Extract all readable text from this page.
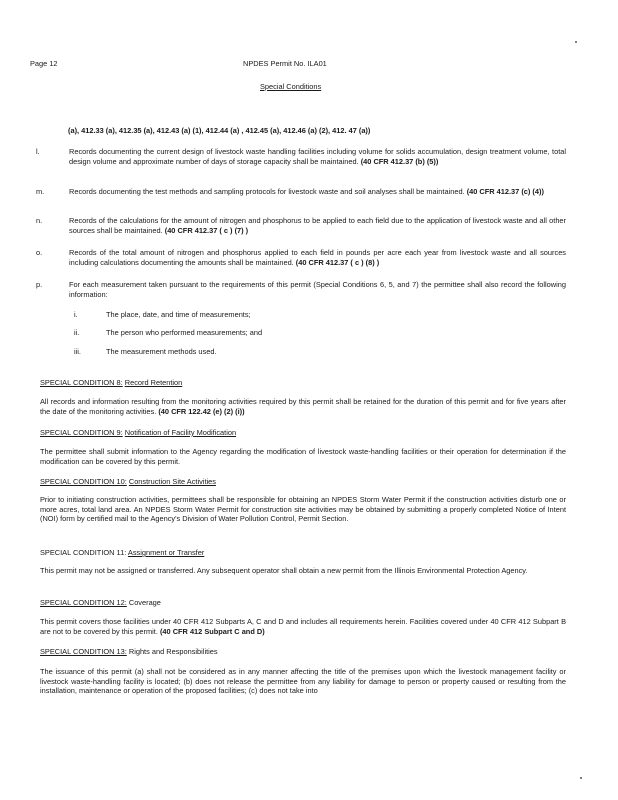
Page 12	NPDES Permit No. ILA01
Special Conditions
(a), 412.33 (a), 412.35 (a), 412.43 (a) (1), 412.44 (a) , 412.45 (a), 412.46 (a) (2), 412. 47 (a))
l.	Records documenting the current design of livestock waste handling facilities including volume for solids accumulation, design treatment volume, total design volume and approximate number of days of storage capacity shall be maintained. (40 CFR 412.37 (b) (5))
m.	Records documenting the test methods and sampling protocols for livestock waste and soil analyses shall be maintained. (40 CFR 412.37 (c) (4))
n.	Records of the calculations for the amount of nitrogen and phosphorus to be applied to each field due to the application of livestock waste and all other sources shall be maintained. (40 CFR 412.37 ( c ) (7) )
o.	Records of the total amount of nitrogen and phosphorus applied to each field in pounds per acre each year from livestock waste and all sources including calculations documenting the amounts shall be maintained. (40 CFR 412.37 ( c ) (8) )
p.	For each measurement taken pursuant to the requirements of this permit (Special Conditions 6, 5, and 7) the permittee shall also record the following information:
i.	The place, date, and time of measurements;
ii.	The person who performed measurements; and
iii.	The measurement methods used.
SPECIAL CONDITION 8: Record Retention
All records and information resulting from the monitoring activities required by this permit shall be retained for the duration of this permit and for five years after the date of the monitoring activities. (40 CFR 122.42 (e) (2) (i))
SPECIAL CONDITION 9: Notification of Facility Modification
The permittee shall submit information to the Agency regarding the modification of livestock waste-handling facilities or their operation for determination if the modification can be covered by this permit.
SPECIAL CONDITION 10: Construction Site Activities
Prior to initiating construction activities, permittees shall be responsible for obtaining an NPDES Storm Water Permit if the construction activities disturb one or more acres, total land area. An NPDES Storm Water Permit for construction site activities may be obtained by submitting a properly completed Notice of Intent (NOI) form by certified mail to the Agency's Division of Water Pollution Control, Permit Section.
SPECIAL CONDITION 11: Assignment or Transfer
This permit may not be assigned or transferred. Any subsequent operator shall obtain a new permit from the Illinois Environmental Protection Agency.
SPECIAL CONDITION 12: Coverage
This permit covers those facilities under 40 CFR 412 Subparts A, C and D and includes all requirements herein. Facilities covered under 40 CFR 412 Subpart B are not to be covered by this permit. (40 CFR 412 Subpart C and D)
SPECIAL CONDITION 13: Rights and Responsibilities
The issuance of this permit (a) shall not be considered as in any manner affecting the title of the premises upon which the livestock management facility or livestock waste-handling facility is located; (b) does not release the permittee from any liability for damage to person or property caused or resulting from the installation, maintenance or operation of the proposed facilities; (c) does not take into
